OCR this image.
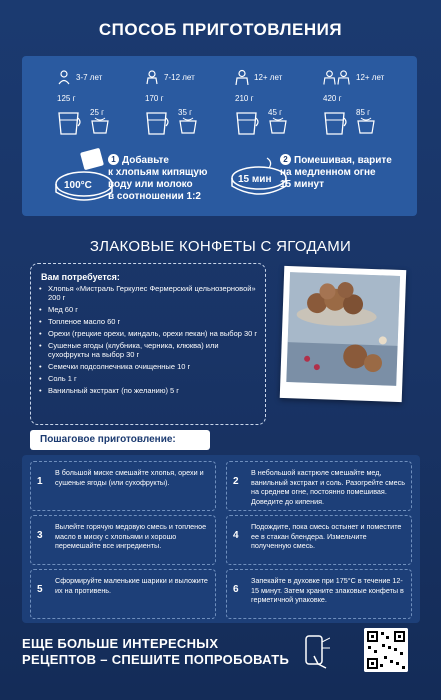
СПОСОБ ПРИГОТОВЛЕНИЯ
3-7 лет
125 г
25 г
7-12 лет
170 г
35 г
12+ лет
210 г
45 г
12+ лет
420 г
85 г
100°С
1 Добавьте
к хлопьям кипящую
воду или молоко
в соотношении 1:2
15 мин
2 Помешивая, варите
на медленном огне
15 минут
ЗЛАКОВЫЕ КОНФЕТЫ С ЯГОДАМИ
Вам потребуется:
• Хлопья «Мистраль Геркулес Фермерский цельнозерновой» 200 г
• Мед 60 г
• Топленое масло 60 г
• Орехи (грецкие орехи, миндаль, орехи пекан) на выбор 30 г
• Сушеные ягоды (клубника, черника, клюква) или сухофрукты на выбор 30 г
• Семечки подсолнечника очищенные 10 г
• Соль 1 г
• Ванильный экстракт (по желанию) 5 г
Пошаговое приготовление:
1
В большой миске смешайте хлопья, орехи и сушеные ягоды (или сухофрукты).	2
В небольшой кастрюле смешайте мед, ванильный экстракт и соль. Разогрейте смесь на среднем огне, постоянно помешивая. Доведите до кипения.
3
Вылейте горячую медовую смесь и топленое масло в миску с хлопьями и хорошо перемешайте все ингредиенты.
4
Подождите, пока смесь остынет и поместите ее в стакан блендера. Измельчите полученную смесь.
5
Сформируйте маленькие шарики и выложите их на противень.	6
Запекайте в духовке при 175°С в течение 12-15 минут. Затем храните злаковые конфеты в герметичной упаковке.
ЕЩЕ БОЛЬШЕ ИНТЕРЕСНЫХ
РЕЦЕПТОВ – СПЕШИТЕ ПОПРОБОВАТЬ
